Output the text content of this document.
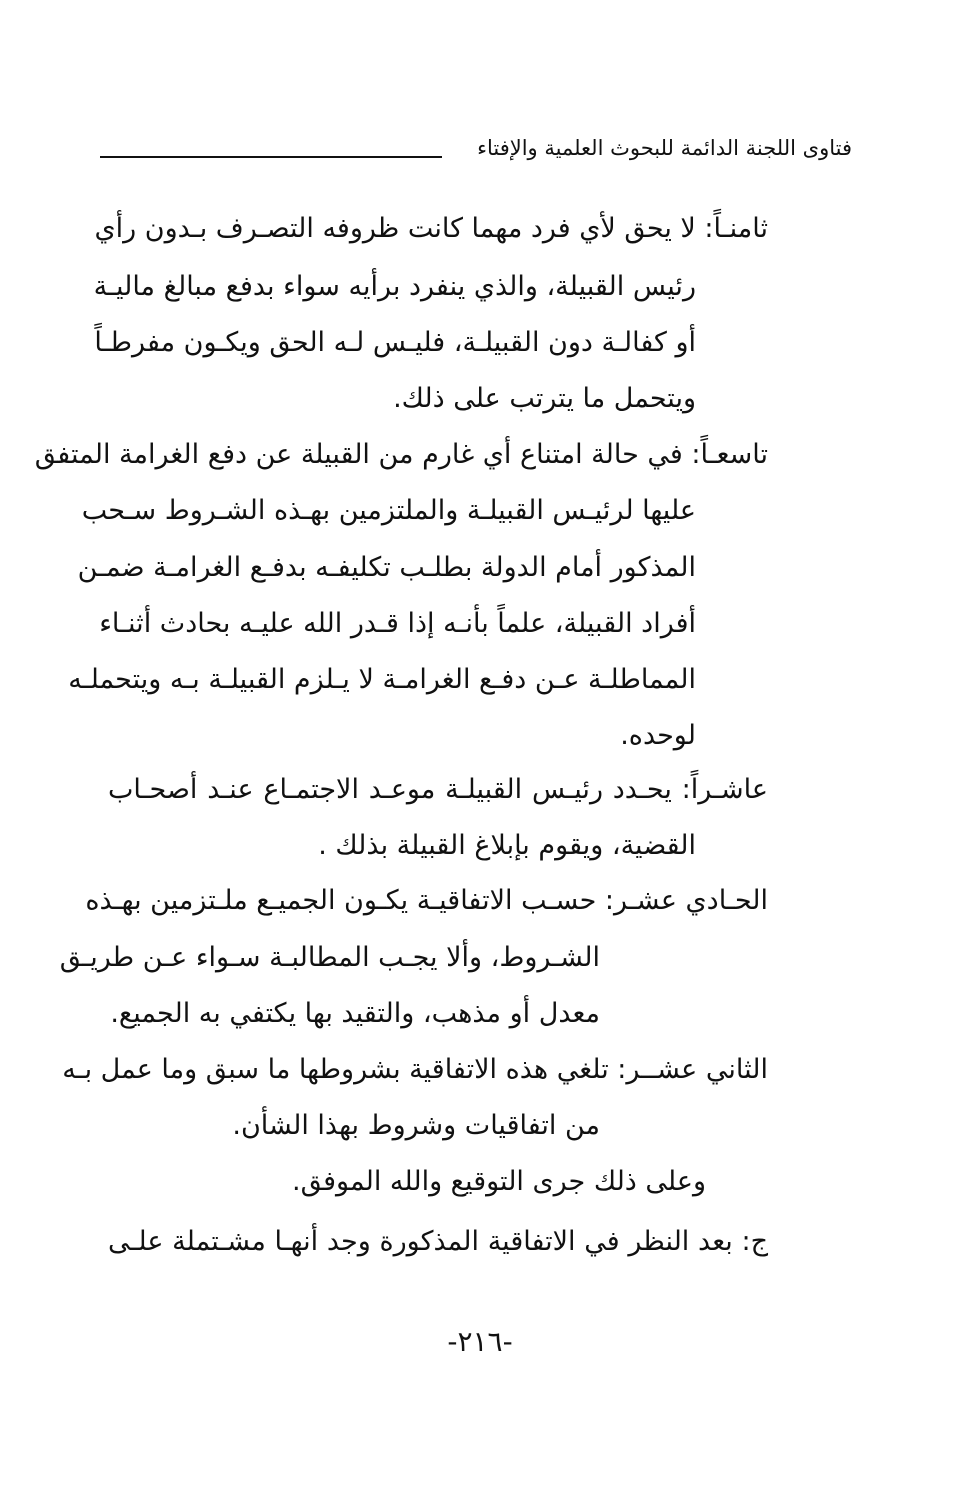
فتاوى اللجنة الدائمة للبحوث العلمية والإفتاء
ثامنـاً: لا يحق لأي فرد مهما كانت ظروفه التصـرف بـدون رأي
رئيس القبيلة، والذي ينفرد برأيه سواء بدفع مبالغ ماليـة
أو كفالـة دون القبيلـة، فليـس لـه الحق ويكـون مفرطـاً
ويتحمل ما يترتب على ذلك.
تاسعـاً: في حالة امتناع أي غارم من القبيلة عن دفع الغرامة المتفق
عليها لرئيـس القبيلـة والملتزمين بهـذه الشـروط سـحب
المذكور أمام الدولة بطلـب تكليفـه بدفـع الغرامـة ضمـن
أفراد القبيلة، علماً بأنـه إذا قـدر الله عليـه بحادث أثنـاء
المماطلـة عـن دفـع الغرامـة لا يـلزم القبيلـة بـه ويتحملـه
لوحده.
عاشـراً: يحـدد رئيـس القبيلـة موعـد الاجتمـاع عنـد أصحـاب
القضية، ويقوم بإبلاغ القبيلة بذلك .
الحـادي عشـر: حسـب الاتفاقيـة يكـون الجميـع ملـتزمين بهـذه
الشـروط، وألا يجـب المطالبـة سـواء عـن طريـق
معدل أو مذهب، والتقيد بها يكتفي به الجميع.
الثاني عشــر: تلغي هذه الاتفاقية بشروطها ما سبق وما عمل بـه
من اتفاقيات وشروط بهذا الشأن.
وعلى ذلك جرى التوقيع والله الموفق.
ج: بعد النظر في الاتفاقية المذكورة وجد أنهـا مشـتملة علـى
-٢١٦-
